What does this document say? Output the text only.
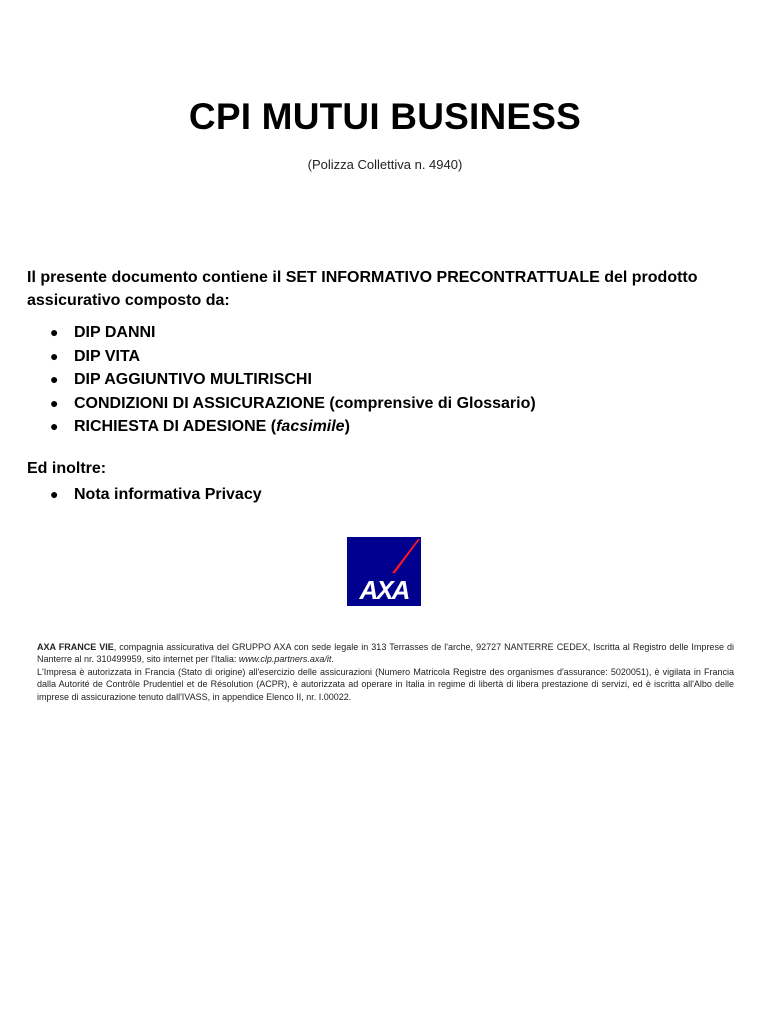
CPI MUTUI BUSINESS
(Polizza Collettiva n. 4940)

Il presente documento contiene il SET INFORMATIVO PRECONTRATTUALE del prodotto assicurativo composto da:

● DIP DANNI
● DIP VITA
● DIP AGGIUNTIVO MULTIRISCHI
● CONDIZIONI DI ASSICURAZIONE (comprensive di Glossario)
● RICHIESTA DI ADESIONE (facsimile)

Ed inoltre:

● Nota informativa Privacy
AXA

AXA FRANCE VIE, compagnia assicurativa del GRUPPO AXA con sede legale in 313 Terrasses de l'arche, 92727 NANTERRE CEDEX, Iscritta al Registro delle Imprese di Nanterre al nr. 310499959, sito internet per l'Italia: www.clp.partners.axa/it.

L'Impresa è autorizzata in Francia (Stato di origine) all'esercizio delle assicurazioni (Numero Matricola Registre des organismes d'assurance: 5020051), è vigilata in Francia dalla Autorité de Contrôle Prudentiel et de Résolution (ACPR), è autorizzata ad operare in Italia in regime di libertà di libera prestazione di servizi, ed è iscritta all'Albo delle imprese di assicurazione tenuto dall'IVASS, in appendice Elenco II, nr. I.00022.
